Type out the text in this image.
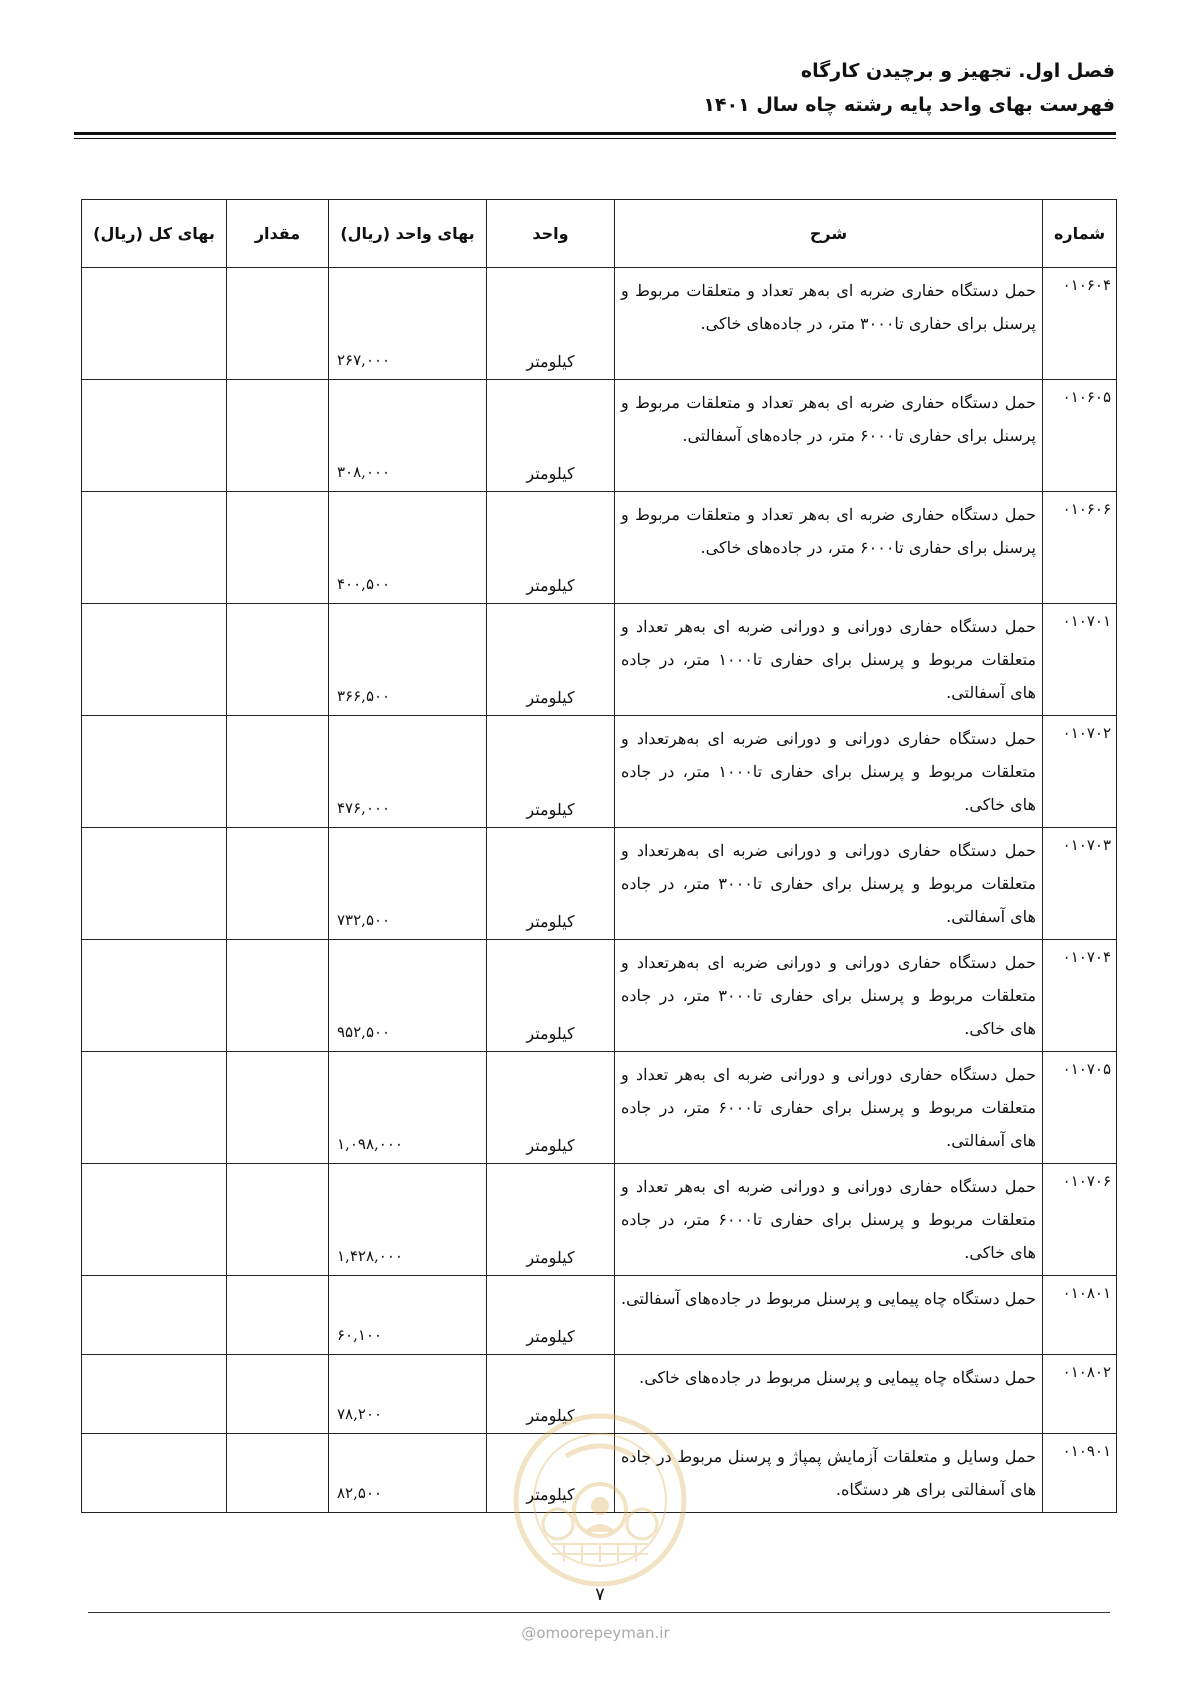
فصل اول. تجهیز و برچیدن کارگاه
فهرست بهای واحد پایه رشته چاه سال ۱۴۰۱
شماره	شرح	واحد	بهای واحد (ریال)	مقدار	بهای کل (ریال)
۰۱۰۶۰۴	حمل دستگاه حفاری ضربه ای به‌هر تعداد و متعلقات مربوط و پرسنل برای حفاری تا۳۰۰۰ متر، در جاده‌های خاکی.	کیلومتر	۲۶۷,۰۰۰		
۰۱۰۶۰۵	حمل دستگاه حفاری ضربه ای به‌هر تعداد و متعلقات مربوط و پرسنل برای حفاری تا۶۰۰۰ متر، در جاده‌های آسفالتی.	کیلومتر	۳۰۸,۰۰۰		
۰۱۰۶۰۶	حمل دستگاه حفاری ضربه ای به‌هر تعداد و متعلقات مربوط و پرسنل برای حفاری تا۶۰۰۰ متر، در جاده‌های خاکی.	کیلومتر	۴۰۰,۵۰۰		
۰۱۰۷۰۱	حمل دستگاه حفاری دورانی و دورانی ضربه ای به‌هر تعداد و متعلقات مربوط و پرسنل برای حفاری تا۱۰۰۰ متر، در جاده های آسفالتی.	کیلومتر	۳۶۶,۵۰۰		
۰۱۰۷۰۲	حمل دستگاه حفاری دورانی و دورانی ضربه ای به‌هرتعداد و متعلقات مربوط و پرسنل برای حفاری تا۱۰۰۰ متر، در جاده های خاکی.	کیلومتر	۴۷۶,۰۰۰		
۰۱۰۷۰۳	حمل دستگاه حفاری دورانی و دورانی ضربه ای به‌هرتعداد و متعلقات مربوط و پرسنل برای حفاری تا۳۰۰۰ متر، در جاده های آسفالتی.	کیلومتر	۷۳۲,۵۰۰		
۰۱۰۷۰۴	حمل دستگاه حفاری دورانی و دورانی ضربه ای به‌هرتعداد و متعلقات مربوط و پرسنل برای حفاری تا۳۰۰۰ متر، در جاده های خاکی.	کیلومتر	۹۵۲,۵۰۰		
۰۱۰۷۰۵	حمل دستگاه حفاری دورانی و دورانی ضربه ای به‌هر تعداد و متعلقات مربوط و پرسنل برای حفاری تا۶۰۰۰ متر، در جاده های آسفالتی.	کیلومتر	۱,۰۹۸,۰۰۰		
۰۱۰۷۰۶	حمل دستگاه حفاری دورانی و دورانی ضربه ای به‌هر تعداد و متعلقات مربوط و پرسنل برای حفاری تا۶۰۰۰ متر، در جاده های خاکی.	کیلومتر	۱,۴۲۸,۰۰۰		
۰۱۰۸۰۱	حمل دستگاه چاه پیمایی و پرسنل مربوط در جاده‌های آسفالتی.	کیلومتر	۶۰,۱۰۰		
۰۱۰۸۰۲	حمل دستگاه چاه پیمایی و پرسنل مربوط در جاده‌های خاکی.	کیلومتر	۷۸,۲۰۰		
۰۱۰۹۰۱	حمل وسایل و متعلقات آزمایش پمپاژ و پرسنل مربوط در جاده های آسفالتی برای هر دستگاه.	کیلومتر	۸۲,۵۰۰		
۷
@omoorepeyman.ir
